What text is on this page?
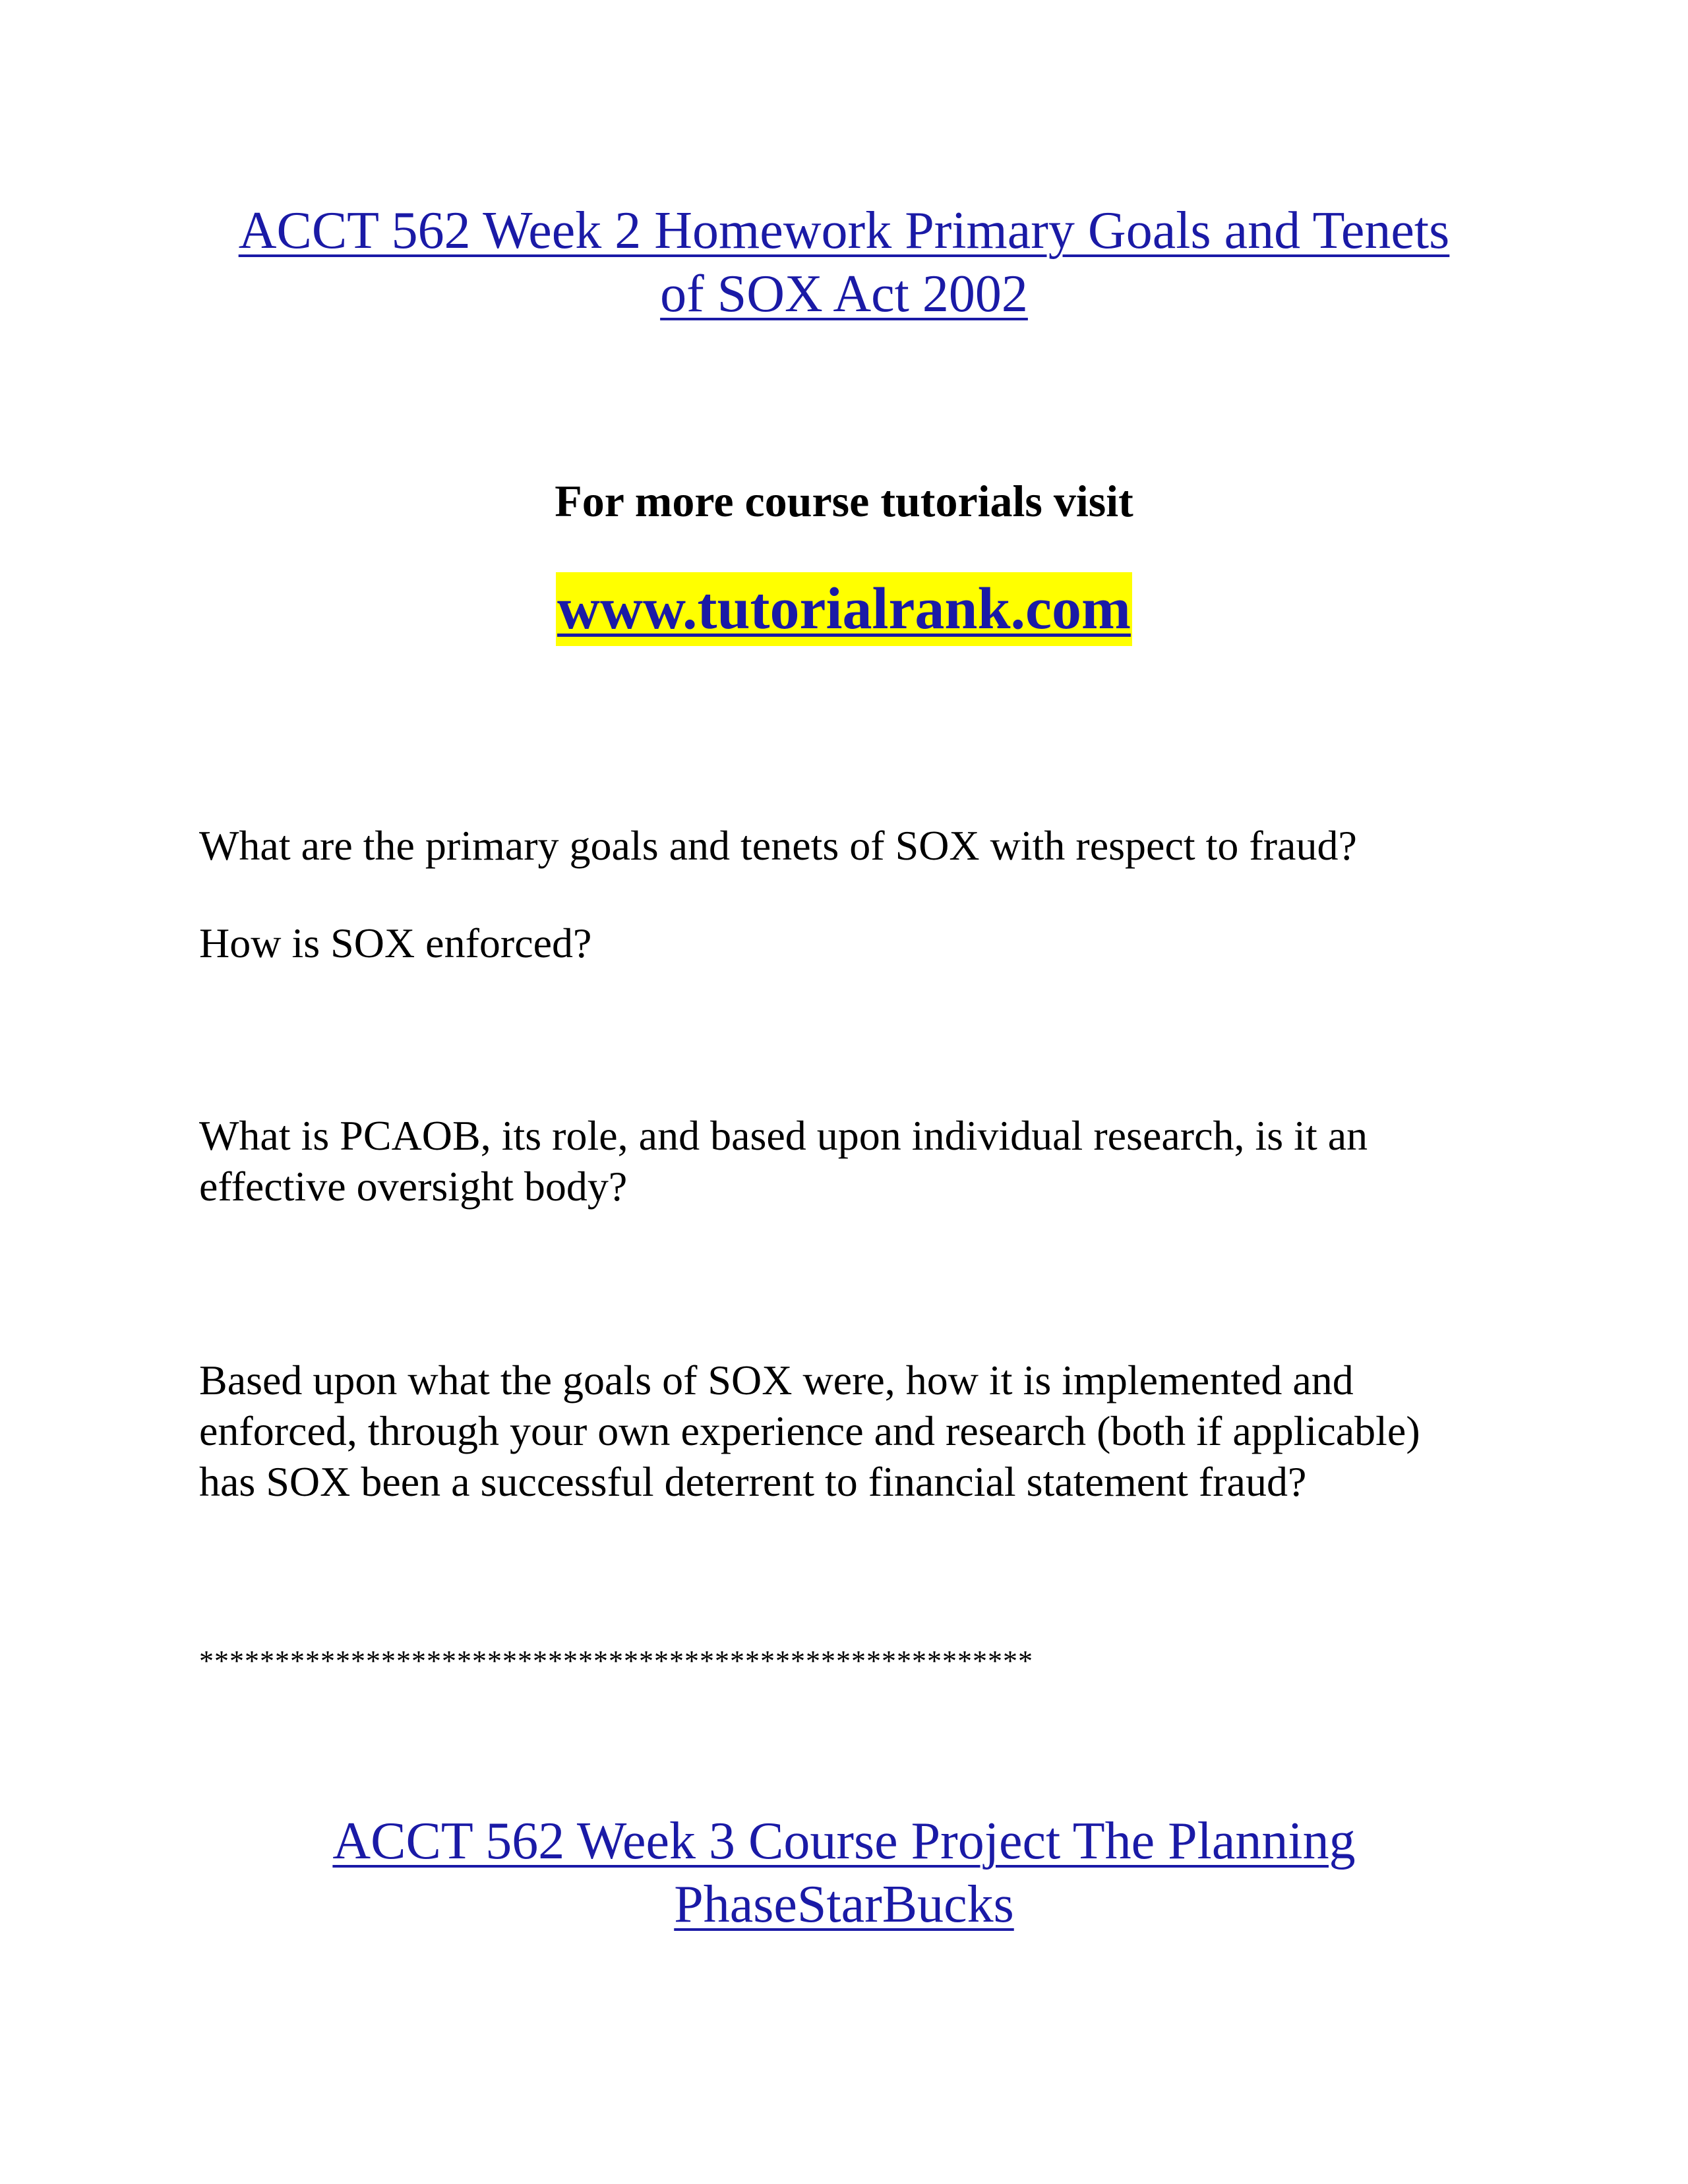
ACCT 562 Week 2 Homework Primary Goals and Tenets
of SOX Act 2002
For more course tutorials visit
www.tutorialrank.com

What are the primary goals and tenets of SOX with respect to fraud?

How is SOX enforced?

What is PCAOB, its role, and based upon individual research, is it an
effective oversight body?

Based upon what the goals of SOX were, how it is implemented and
enforced, through your own experience and research (both if applicable)
has SOX been a successful deterrent to financial statement fraud?

*******************************************************
ACCT 562 Week 3 Course Project The Planning
PhaseStarBucks
